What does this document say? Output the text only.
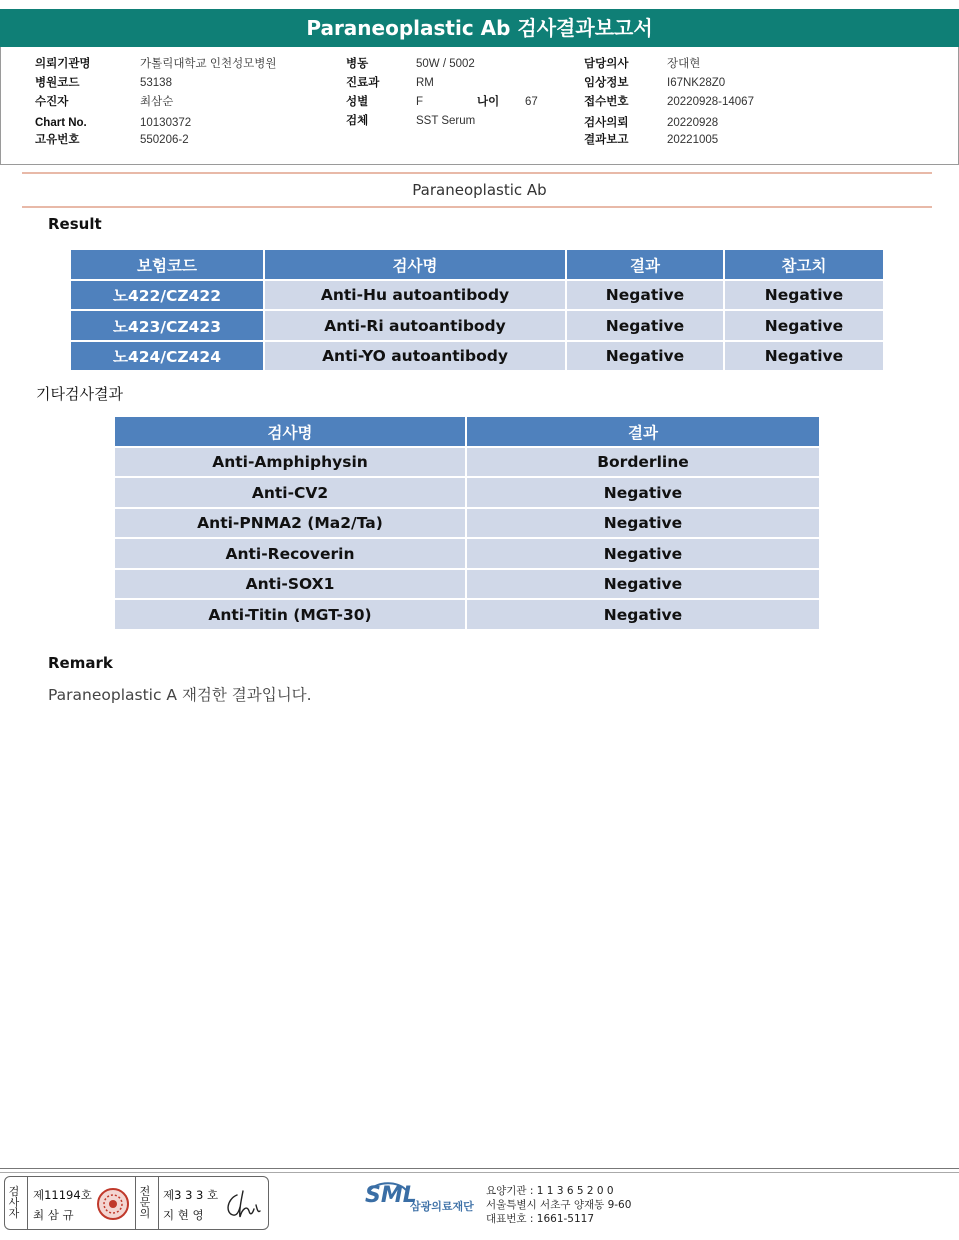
Paraneoplastic Ab 검사결과보고서
의뢰기관명	가톨릭대학교 인천성모병원
병원코드	53138
수진자	최삼순
Chart No.	10130372
고유번호	550206-2
병동	50W / 5002
진료과	RM
성별	F	나이 67
검체	SST Serum
담당의사	장대현
임상정보	I67NK28Z0
접수번호	20220928-14067
검사의뢰	20220928
결과보고	20221005
Paraneoplastic Ab
Result
보험코드	검사명	결과	참고치
노422/CZ422	Anti-Hu autoantibody	Negative	Negative
노423/CZ423	Anti-Ri autoantibody	Negative	Negative
노424/CZ424	Anti-YO autoantibody	Negative	Negative
기타검사결과
검사명	결과
Anti-Amphiphysin	Borderline
Anti-CV2	Negative
Anti-PNMA2 (Ma2/Ta)	Negative
Anti-Recoverin	Negative
Anti-SOX1	Negative
Anti-Titin (MGT-30)	Negative
Remark
Paraneoplastic A 재검한 결과입니다.
검
사
자
제11194호
최 삼 규
전
문
의
제3 3 3 호
지 현 영
SML
삼광의료재단
요양기관 : 1 1 3 6 5 2 0 0
서울특별시 서초구 양재동 9-60
대표번호 : 1661-5117
